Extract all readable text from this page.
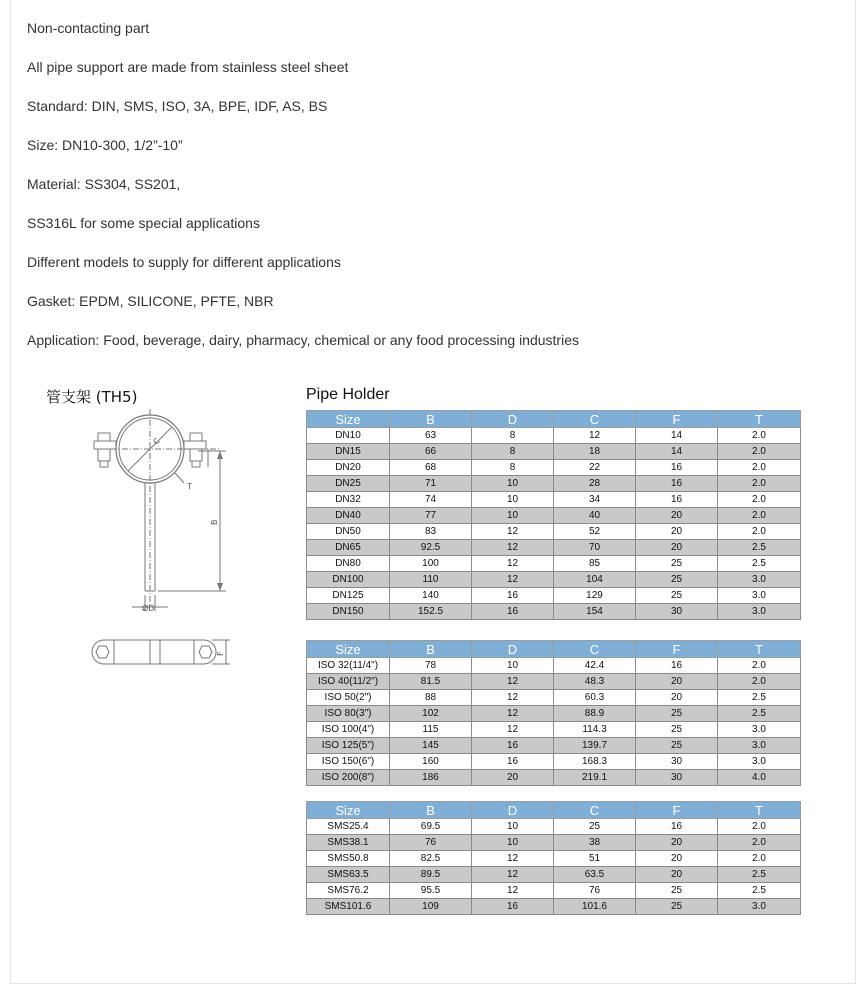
Non-contacting part

All pipe support are made from stainless steel sheet

Standard: DIN, SMS, ISO, 3A, BPE, IDF, AS, BS

Size: DN10-300, 1/2”-10”

Material: SS304, SS201,

SS316L for some special applications

Different models to supply for different applications

Gasket: EPDM, SILICONE, PFTE, NBR

Application: Food, beverage, dairy, pharmacy, chemical or any food processing industries

管支架 (TH5)
C
T
B
ØD
F
Pipe Holder
Size	B	D	C	F	T
DN10	63	8	12	14	2.0
DN15	66	8	18	14	2.0
DN20	68	8	22	16	2.0
DN25	71	10	28	16	2.0
DN32	74	10	34	16	2.0
DN40	77	10	40	20	2.0
DN50	83	12	52	20	2.0
DN65	92.5	12	70	20	2.5
DN80	100	12	85	25	2.5
DN100	110	12	104	25	3.0
DN125	140	16	129	25	3.0
DN150	152.5	16	154	30	3.0
Size	B	D	C	F	T
ISO 32(11/4")	78	10	42.4	16	2.0
ISO 40(11/2")	81.5	12	48.3	20	2.0
ISO 50(2")	88	12	60.3	20	2.5
ISO 80(3")	102	12	88.9	25	2.5
ISO 100(4")	115	12	114.3	25	3.0
ISO 125(5")	145	16	139.7	25	3.0
ISO 150(6")	160	16	168.3	30	3.0
ISO 200(8")	186	20	219.1	30	4.0
Size	B	D	C	F	T
SMS25.4	69.5	10	25	16	2.0
SMS38.1	76	10	38	20	2.0
SMS50.8	82.5	12	51	20	2.0
SMS63.5	89.5	12	63.5	20	2.5
SMS76.2	95.5	12	76	25	2.5
SMS101.6	109	16	101.6	25	3.0
